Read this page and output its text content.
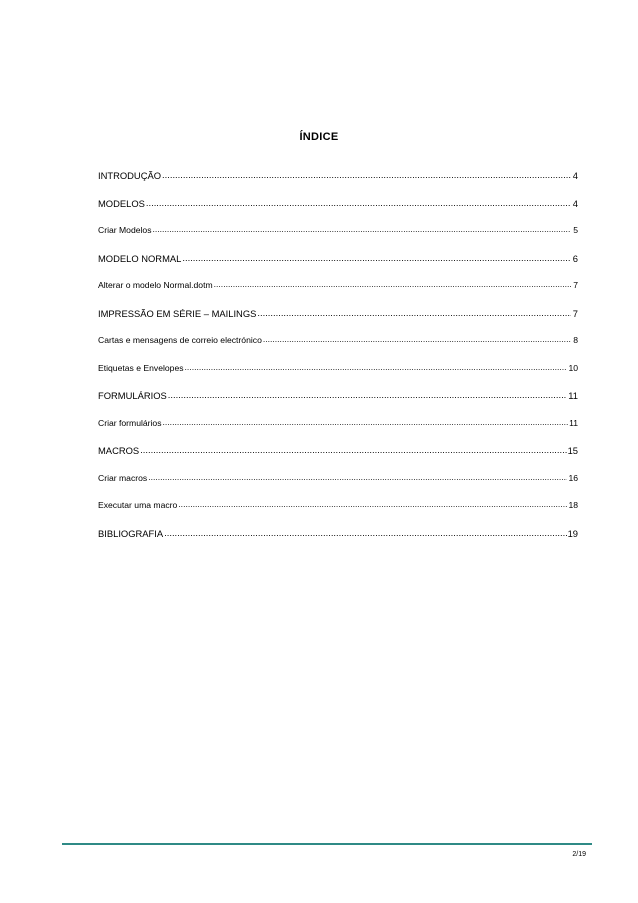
ÍNDICE
INTRODUÇÃO .....	4
MODELOS .....	4
Criar Modelos .....	5
MODELO NORMAL .....	6
Alterar o modelo Normal.dotm .....	7
IMPRESSÃO EM SÉRIE – MAILINGS .....	7
Cartas e mensagens de correio electrónico .....	8
Etiquetas e Envelopes .....	10
FORMULÁRIOS .....	11
Criar formulários .....	11
MACROS .....	15
Criar macros .....	16
Executar uma macro .....	18
BIBLIOGRAFIA .....	19
2/19
